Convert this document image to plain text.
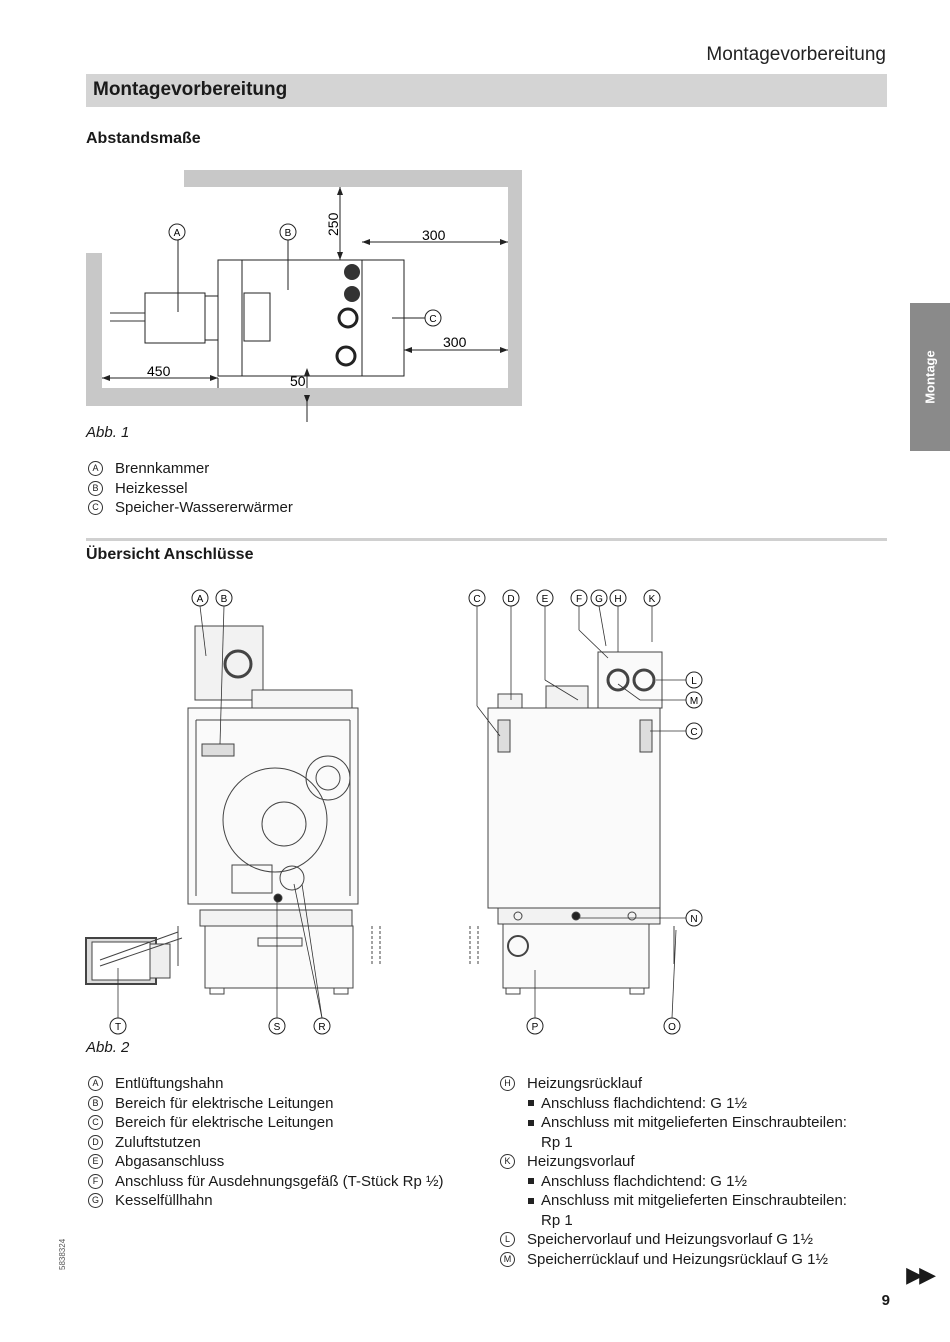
Montagevorbereitung
Montagevorbereitung
Montage
Abstandsmaße
250	300
300
450
50
A	B
C
Abb. 1
A	Brennkammer
B	Heizkessel
C Speicher-Wassererwärmer
Übersicht Anschlüsse
A B	C	D	E	F G H	K
L
M
C
N
T	S	R	P	O
Abb. 2
A	Entlüftungshahn
B	Bereich für elektrische Leitungen
C Bereich für elektrische Leitungen
D Zuluftstutzen
E	Abgasanschluss
F	Anschluss für Ausdehnungsgefäß (T-Stück Rp ½)
G Kesselfüllhahn
H Heizungsrücklauf
Anschluss flachdichtend: G 1½
Anschluss mit mitgelieferten Einschraubteilen:
Rp 1
K	Heizungsvorlauf
Anschluss flachdichtend: G 1½
Anschluss mit mitgelieferten Einschraubteilen:
Rp 1
L	Speichervorlauf und Heizungsvorlauf G 1½
M Speicherrücklauf und Heizungsrücklauf G 1½
5838324
▶▶
9
